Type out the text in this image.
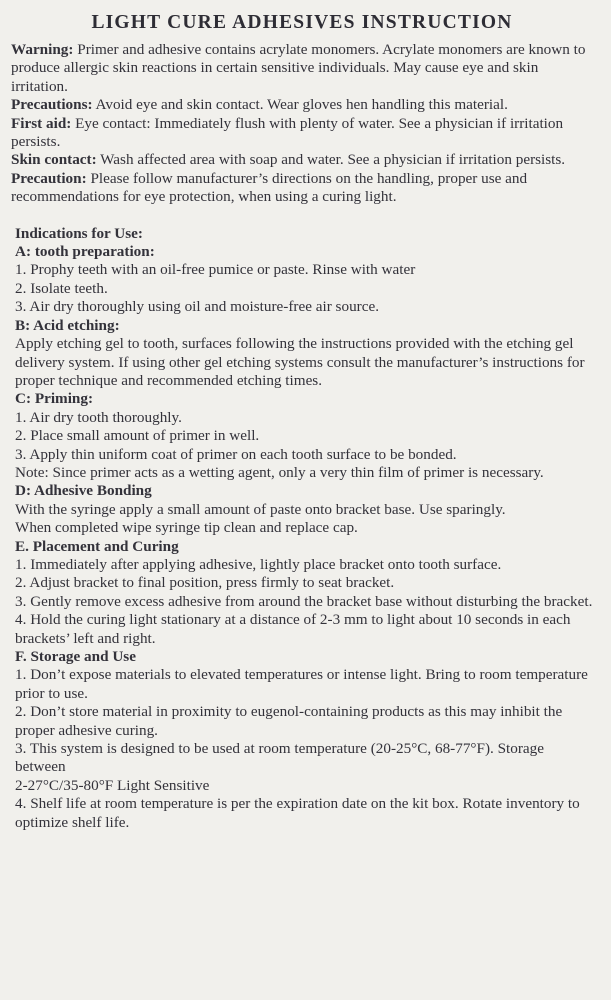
LIGHT CURE ADHESIVES INSTRUCTION

Warning: Primer and adhesive contains acrylate monomers. Acrylate monomers are known to produce allergic skin reactions in certain sensitive individuals. May cause eye and skin irritation.

Precautions: Avoid eye and skin contact. Wear gloves hen handling this material.

First aid: Eye contact: Immediately flush with plenty of water. See a physician if irritation persists.

Skin contact: Wash affected area with soap and water. See a physician if irritation persists.

Precaution: Please follow manufacturer’s directions on the handling, proper use and recommendations for eye protection, when using a curing light.

Indications for Use:

A: tooth preparation:

1. Prophy teeth with an oil-free pumice or paste. Rinse with water

2. Isolate teeth.

3. Air dry thoroughly using oil and moisture-free air source.

B: Acid etching:

Apply etching gel to tooth, surfaces following the instructions provided with the etching gel delivery system. If using other gel etching systems consult the manufacturer’s instructions for proper technique and recommended etching times.

C: Priming:

1. Air dry tooth thoroughly.

2. Place small amount of primer in well.

3. Apply thin uniform coat of primer on each tooth surface to be bonded.

Note: Since primer acts as a wetting agent, only a very thin film of primer is necessary.

D: Adhesive Bonding

With the syringe apply a small amount of paste onto bracket base. Use sparingly.

When completed wipe syringe tip clean and replace cap.

E. Placement and Curing

1. Immediately after applying adhesive, lightly place bracket onto tooth surface.

2. Adjust bracket to final position, press firmly to seat bracket.

3. Gently remove excess adhesive from around the bracket base without disturbing the bracket.

4. Hold the curing light stationary at a distance of 2-3 mm to light about 10 seconds in each

brackets’ left and right.

F. Storage and Use

1. Don’t expose materials to elevated temperatures or intense light. Bring to room temperature prior to use.

2. Don’t store material in proximity to eugenol-containing products as this may inhibit the proper adhesive curing.

3. This system is designed to be used at room temperature (20-25°C, 68-77°F). Storage between

2-27°C/35-80°F Light Sensitive

4. Shelf life at room temperature is per the expiration date on the kit box. Rotate inventory to optimize shelf life.
